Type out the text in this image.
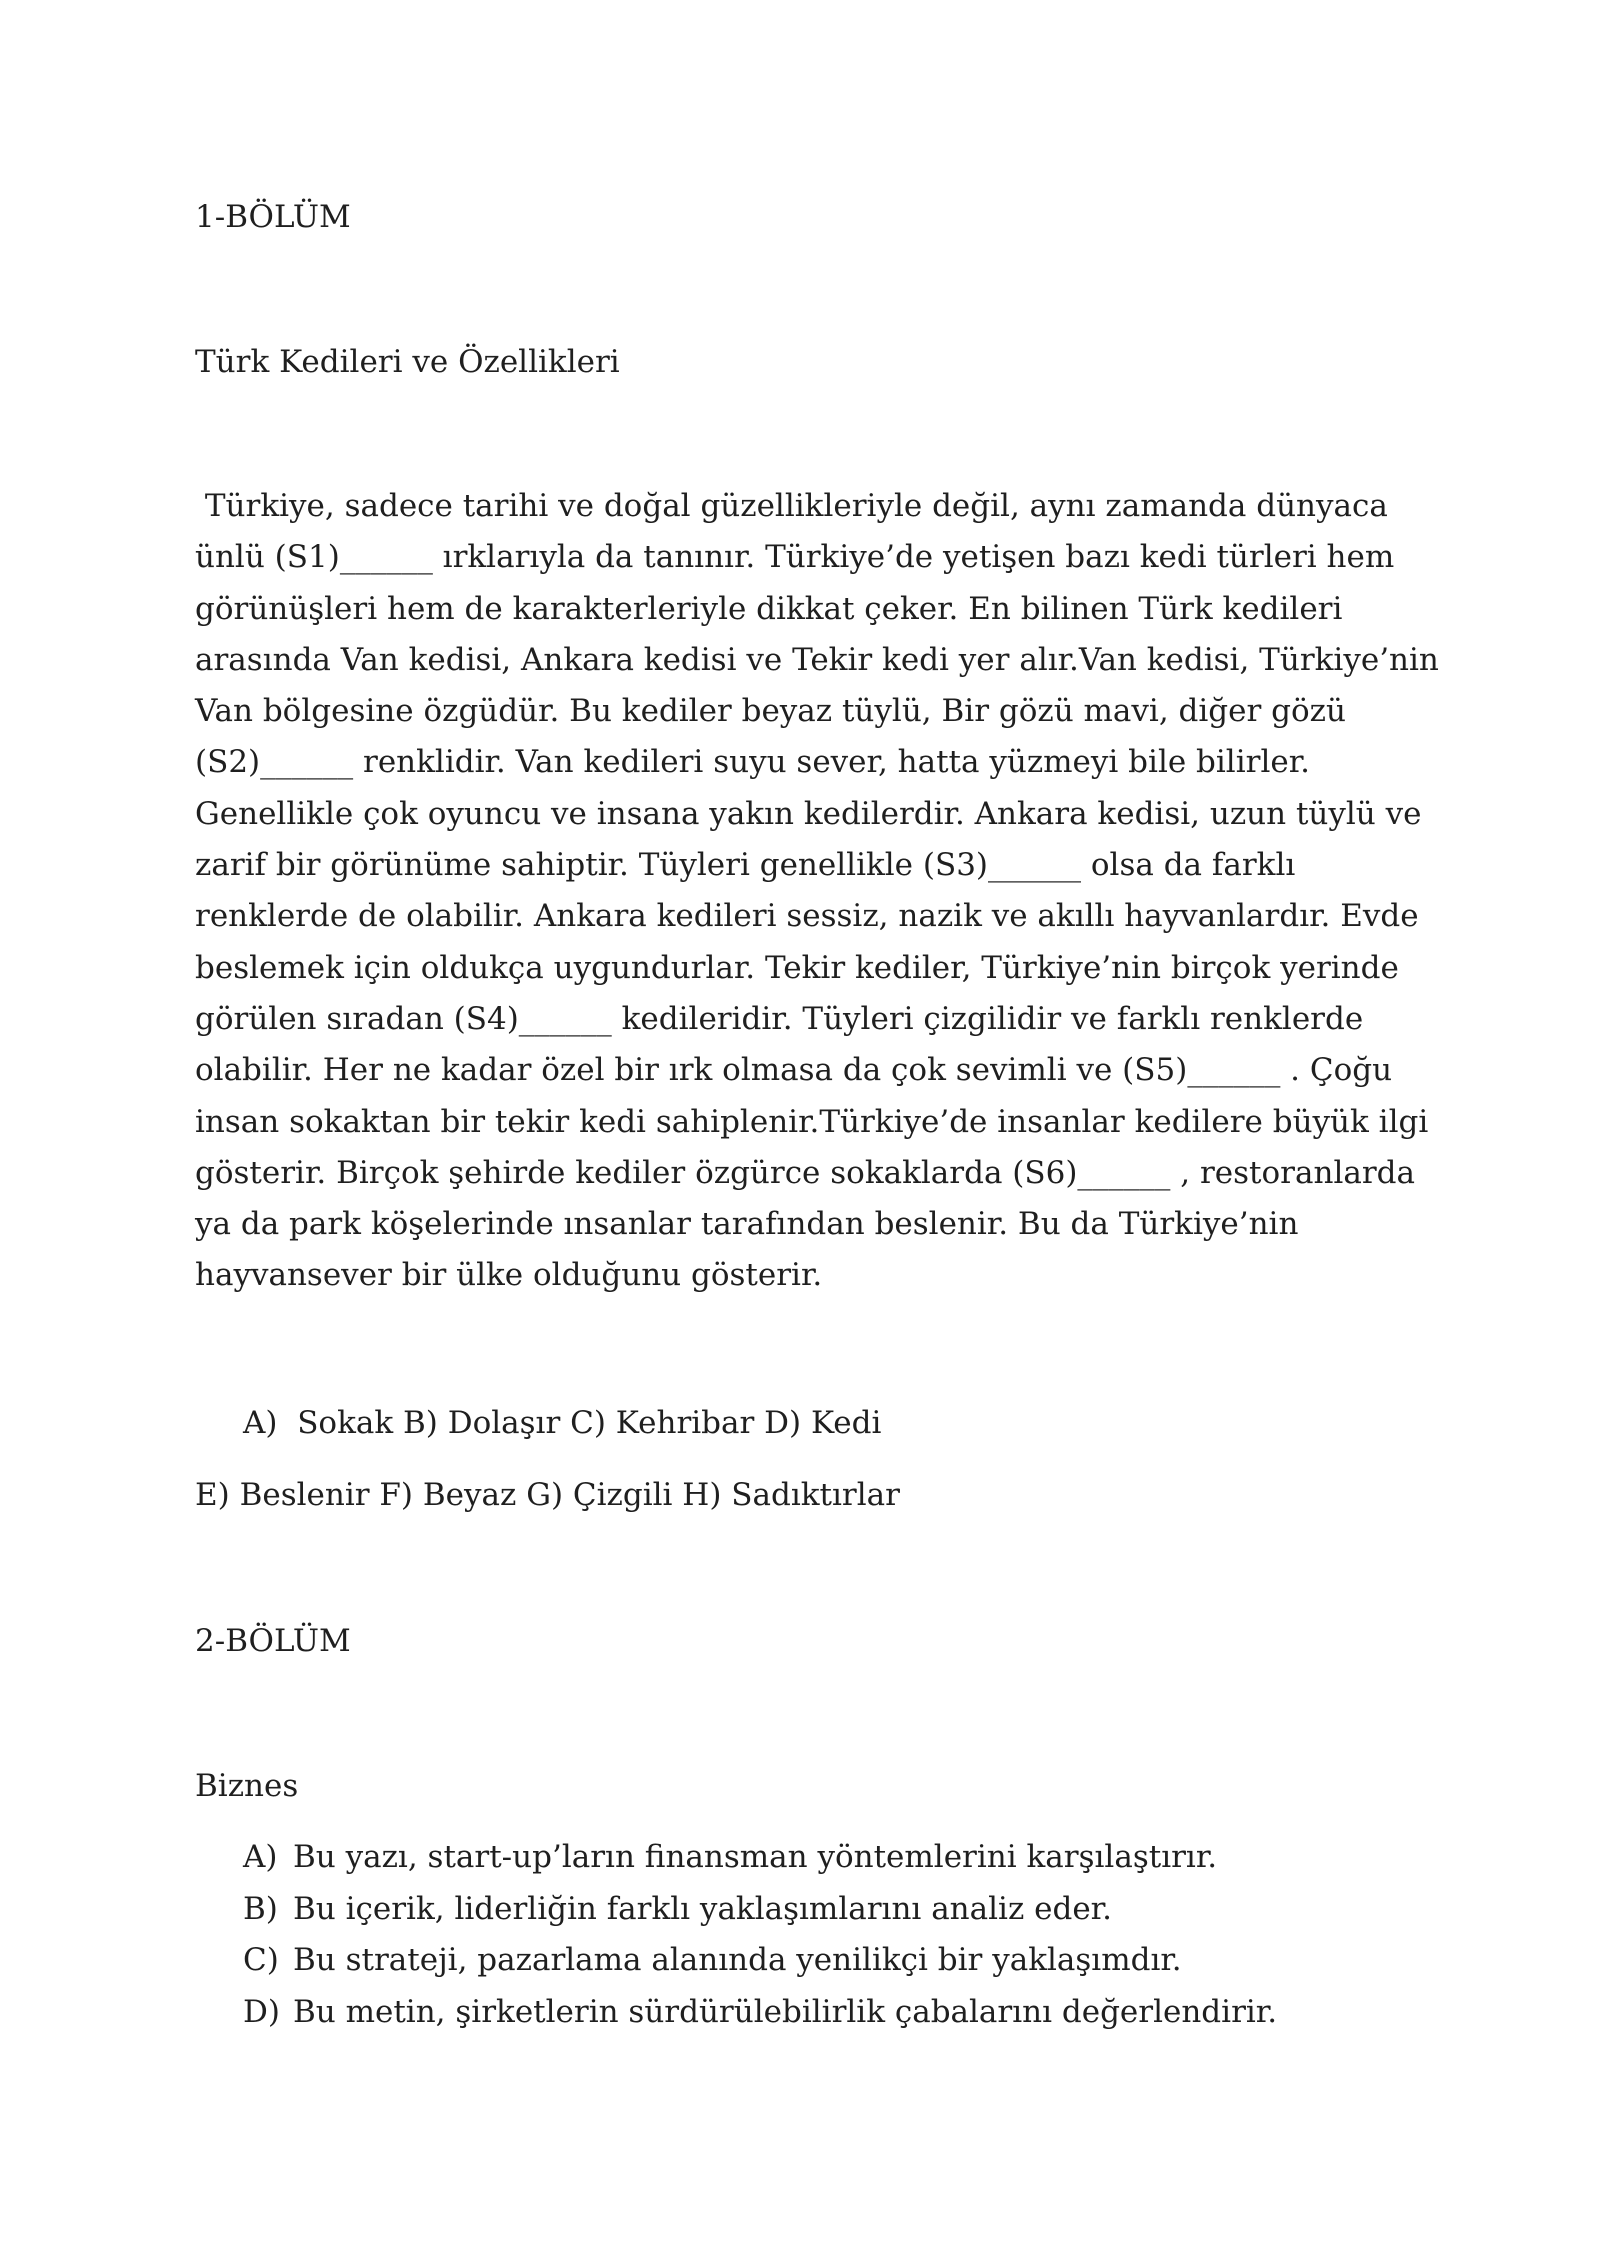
1-BÖLÜM
Türk Kedileri ve Özellikleri
Türkiye, sadece tarihi ve doğal güzellikleriyle değil, aynı zamanda dünyaca
ünlü (S1)______ ırklarıyla da tanınır. Türkiye’de yetişen bazı kedi türleri hem
görünüşleri hem de karakterleriyle dikkat çeker. En bilinen Türk kedileri
arasında Van kedisi, Ankara kedisi ve Tekir kedi yer alır.Van kedisi, Türkiye’nin
Van bölgesine özgüdür. Bu kediler beyaz tüylü, Bir gözü mavi, diğer gözü
(S2)______ renklidir. Van kedileri suyu sever, hatta yüzmeyi bile bilirler.
Genellikle çok oyuncu ve insana yakın kedilerdir. Ankara kedisi, uzun tüylü ve
zarif bir görünüme sahiptir. Tüyleri genellikle (S3)______ olsa da farklı
renklerde de olabilir. Ankara kedileri sessiz, nazik ve akıllı hayvanlardır. Evde
beslemek için oldukça uygundurlar. Tekir kediler, Türkiye’nin birçok yerinde
görülen sıradan (S4)______ kedileridir. Tüyleri çizgilidir ve farklı renklerde
olabilir. Her ne kadar özel bir ırk olmasa da çok sevimli ve (S5)______ . Çoğu
insan sokaktan bir tekir kedi sahiplenir.Türkiye’de insanlar kedilere büyük ilgi
gösterir. Birçok şehirde kediler özgürce sokaklarda (S6)______ , restoranlarda
ya da park köşelerinde ınsanlar tarafından beslenir. Bu da Türkiye’nin
hayvansever bir ülke olduğunu gösterir.
A)  Sokak B) Dolaşır C) Kehribar D) Kedi
E) Beslenir F) Beyaz G) Çizgili H) Sadıktırlar
2-BÖLÜM
Biznes
A) Bu yazı, start-up’ların finansman yöntemlerini karşılaştırır.
B) Bu içerik, liderliğin farklı yaklaşımlarını analiz eder.
C) Bu strateji, pazarlama alanında yenilikçi bir yaklaşımdır.
D) Bu metin, şirketlerin sürdürülebilirlik çabalarını değerlendirir.
